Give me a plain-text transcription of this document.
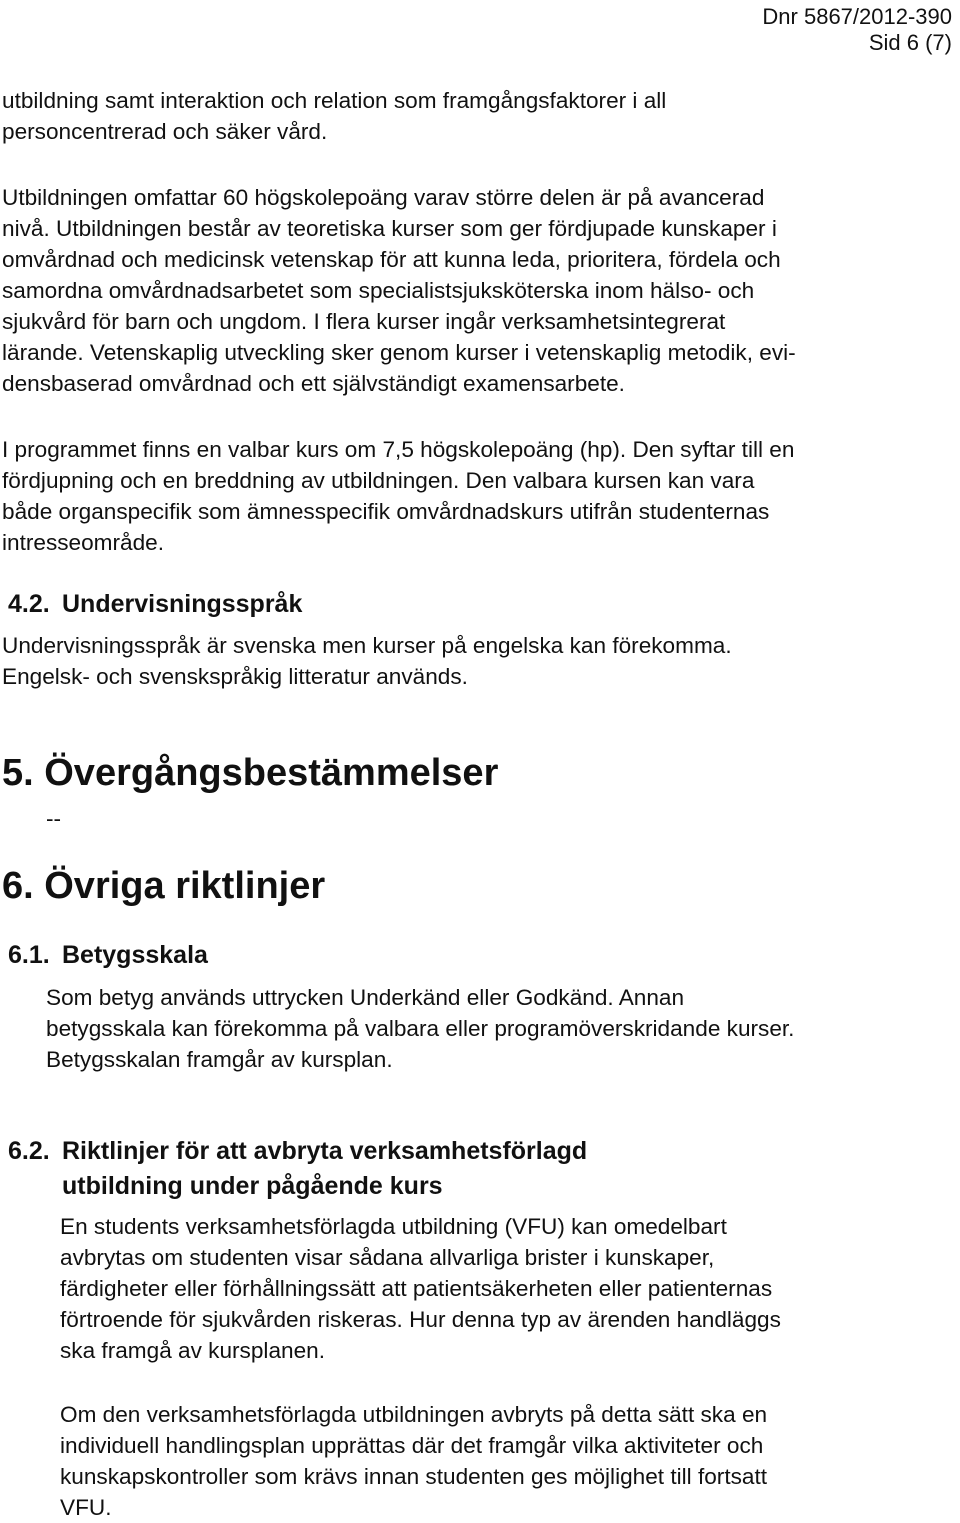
Dnr 5867/2012-390
Sid 6 (7)
utbildning samt interaktion och relation som framgångsfaktorer i all
personcentrerad och säker vård.
Utbildningen omfattar 60 högskolepoäng varav större delen är på avancerad
nivå. Utbildningen består av teoretiska kurser som ger fördjupade kunskaper i
omvårdnad och medicinsk vetenskap för att kunna leda, prioritera, fördela och
samordna omvårdnadsarbetet som specialistsjuksköterska inom hälso- och
sjukvård för barn och ungdom. I flera kurser ingår verksamhetsintegrerat
lärande. Vetenskaplig utveckling sker genom kurser i vetenskaplig metodik, evi-
densbaserad omvårdnad och ett självständigt examensarbete.
I programmet finns en valbar kurs om 7,5 högskolepoäng (hp). Den syftar till en
fördjupning och en breddning av utbildningen. Den valbara kursen kan vara
både organspecifik som ämnesspecifik omvårdnadskurs utifrån studenternas
intresseområde.
4.2. Undervisningsspråk
Undervisningsspråk är svenska men kurser på engelska kan förekomma.
Engelsk- och svenskspråkig litteratur används.
5. Övergångsbestämmelser
--
6. Övriga riktlinjer
6.1. Betygsskala
Som betyg används uttrycken Underkänd eller Godkänd. Annan
betygsskala kan förekomma på valbara eller programöverskridande kurser.
Betygsskalan framgår av kursplan.
6.2. Riktlinjer för att avbryta verksamhetsförlagd
utbildning under pågående kurs
En students verksamhetsförlagda utbildning (VFU) kan omedelbart
avbrytas om studenten visar sådana allvarliga brister i kunskaper,
färdigheter eller förhållningssätt att patientsäkerheten eller patienternas
förtroende för sjukvården riskeras. Hur denna typ av ärenden handläggs
ska framgå av kursplanen.
Om den verksamhetsförlagda utbildningen avbryts på detta sätt ska en
individuell handlingsplan upprättas där det framgår vilka aktiviteter och
kunskapskontroller som krävs innan studenten ges möjlighet till fortsatt
VFU.
